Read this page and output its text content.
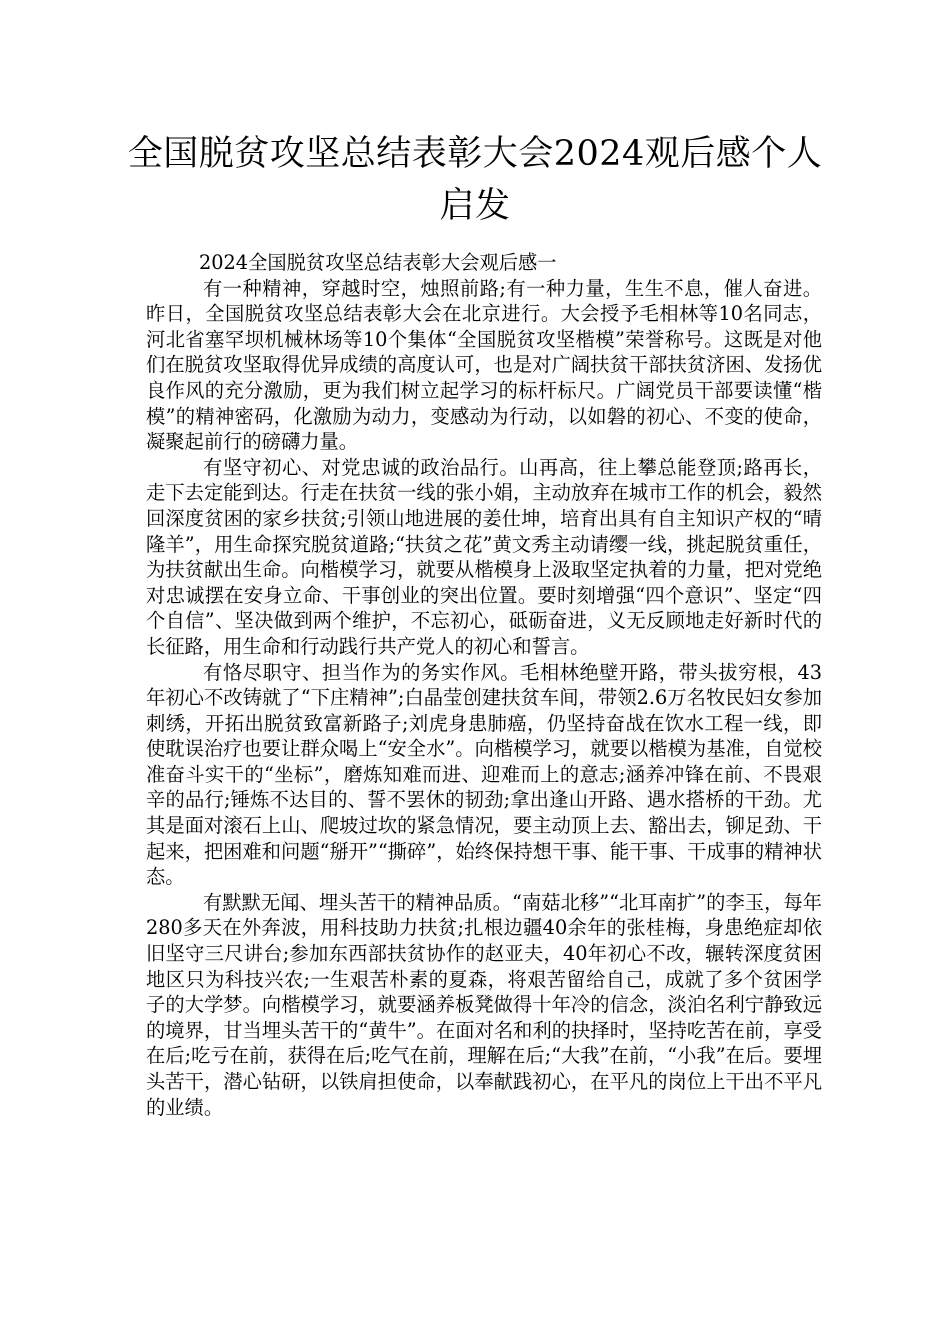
全国脱贫攻坚总结表彰大会2024观后感个人启发

2024全国脱贫攻坚总结表彰大会观后感一

有一种精神，穿越时空，烛照前路;有一种力量，生生不息，催人奋进。昨日，全国脱贫攻坚总结表彰大会在北京进行。大会授予毛相林等10名同志，河北省塞罕坝机械林场等10个集体“全国脱贫攻坚楷模”荣誉称号。这既是对他们在脱贫攻坚取得优异成绩的高度认可，也是对广阔扶贫干部扶贫济困、发扬优良作风的充分激励，更为我们树立起学习的标杆标尺。广阔党员干部要读懂“楷模”的精神密码，化激励为动力，变感动为行动，以如磐的初心、不变的使命，凝聚起前行的磅礴力量。

有坚守初心、对党忠诚的政治品行。山再高，往上攀总能登顶;路再长，走下去定能到达。行走在扶贫一线的张小娟，主动放弃在城市工作的机会，毅然回深度贫困的家乡扶贫;引领山地进展的姜仕坤，培育出具有自主知识产权的“晴隆羊”，用生命探究脱贫道路;“扶贫之花”黄文秀主动请缨一线，挑起脱贫重任，为扶贫献出生命。向楷模学习，就要从楷模身上汲取坚定执着的力量，把对党绝对忠诚摆在安身立命、干事创业的突出位置。要时刻增强“四个意识”、坚定“四个自信”、坚决做到两个维护，不忘初心，砥砺奋进，义无反顾地走好新时代的长征路，用生命和行动践行共产党人的初心和誓言。

有恪尽职守、担当作为的务实作风。毛相林绝壁开路，带头拔穷根，43年初心不改铸就了“下庄精神”;白晶莹创建扶贫车间，带领2.6万名牧民妇女参加刺绣，开拓出脱贫致富新路子;刘虎身患肺癌，仍坚持奋战在饮水工程一线，即使耽误治疗也要让群众喝上“安全水”。向楷模学习，就要以楷模为基准，自觉校准奋斗实干的“坐标”，磨炼知难而进、迎难而上的意志;涵养冲锋在前、不畏艰辛的品行;锤炼不达目的、誓不罢休的韧劲;拿出逢山开路、遇水搭桥的干劲。尤其是面对滚石上山、爬坡过坎的紧急情况，要主动顶上去、豁出去，铆足劲、干起来，把困难和问题“掰开”“撕碎”，始终保持想干事、能干事、干成事的精神状态。

有默默无闻、埋头苦干的精神品质。“南菇北移”“北耳南扩”的李玉，每年280多天在外奔波，用科技助力扶贫;扎根边疆40余年的张桂梅，身患绝症却依旧坚守三尺讲台;参加东西部扶贫协作的赵亚夫，40年初心不改，辗转深度贫困地区只为科技兴农;一生艰苦朴素的夏森，将艰苦留给自己，成就了多个贫困学子的大学梦。向楷模学习，就要涵养板凳做得十年冷的信念，淡泊名利宁静致远的境界，甘当埋头苦干的“黄牛”。在面对名和利的抉择时，坚持吃苦在前，享受在后;吃亏在前，获得在后;吃气在前，理解在后;“大我”在前，“小我”在后。要埋头苦干，潜心钻研，以铁肩担使命，以奉献践初心，在平凡的岗位上干出不平凡的业绩。
